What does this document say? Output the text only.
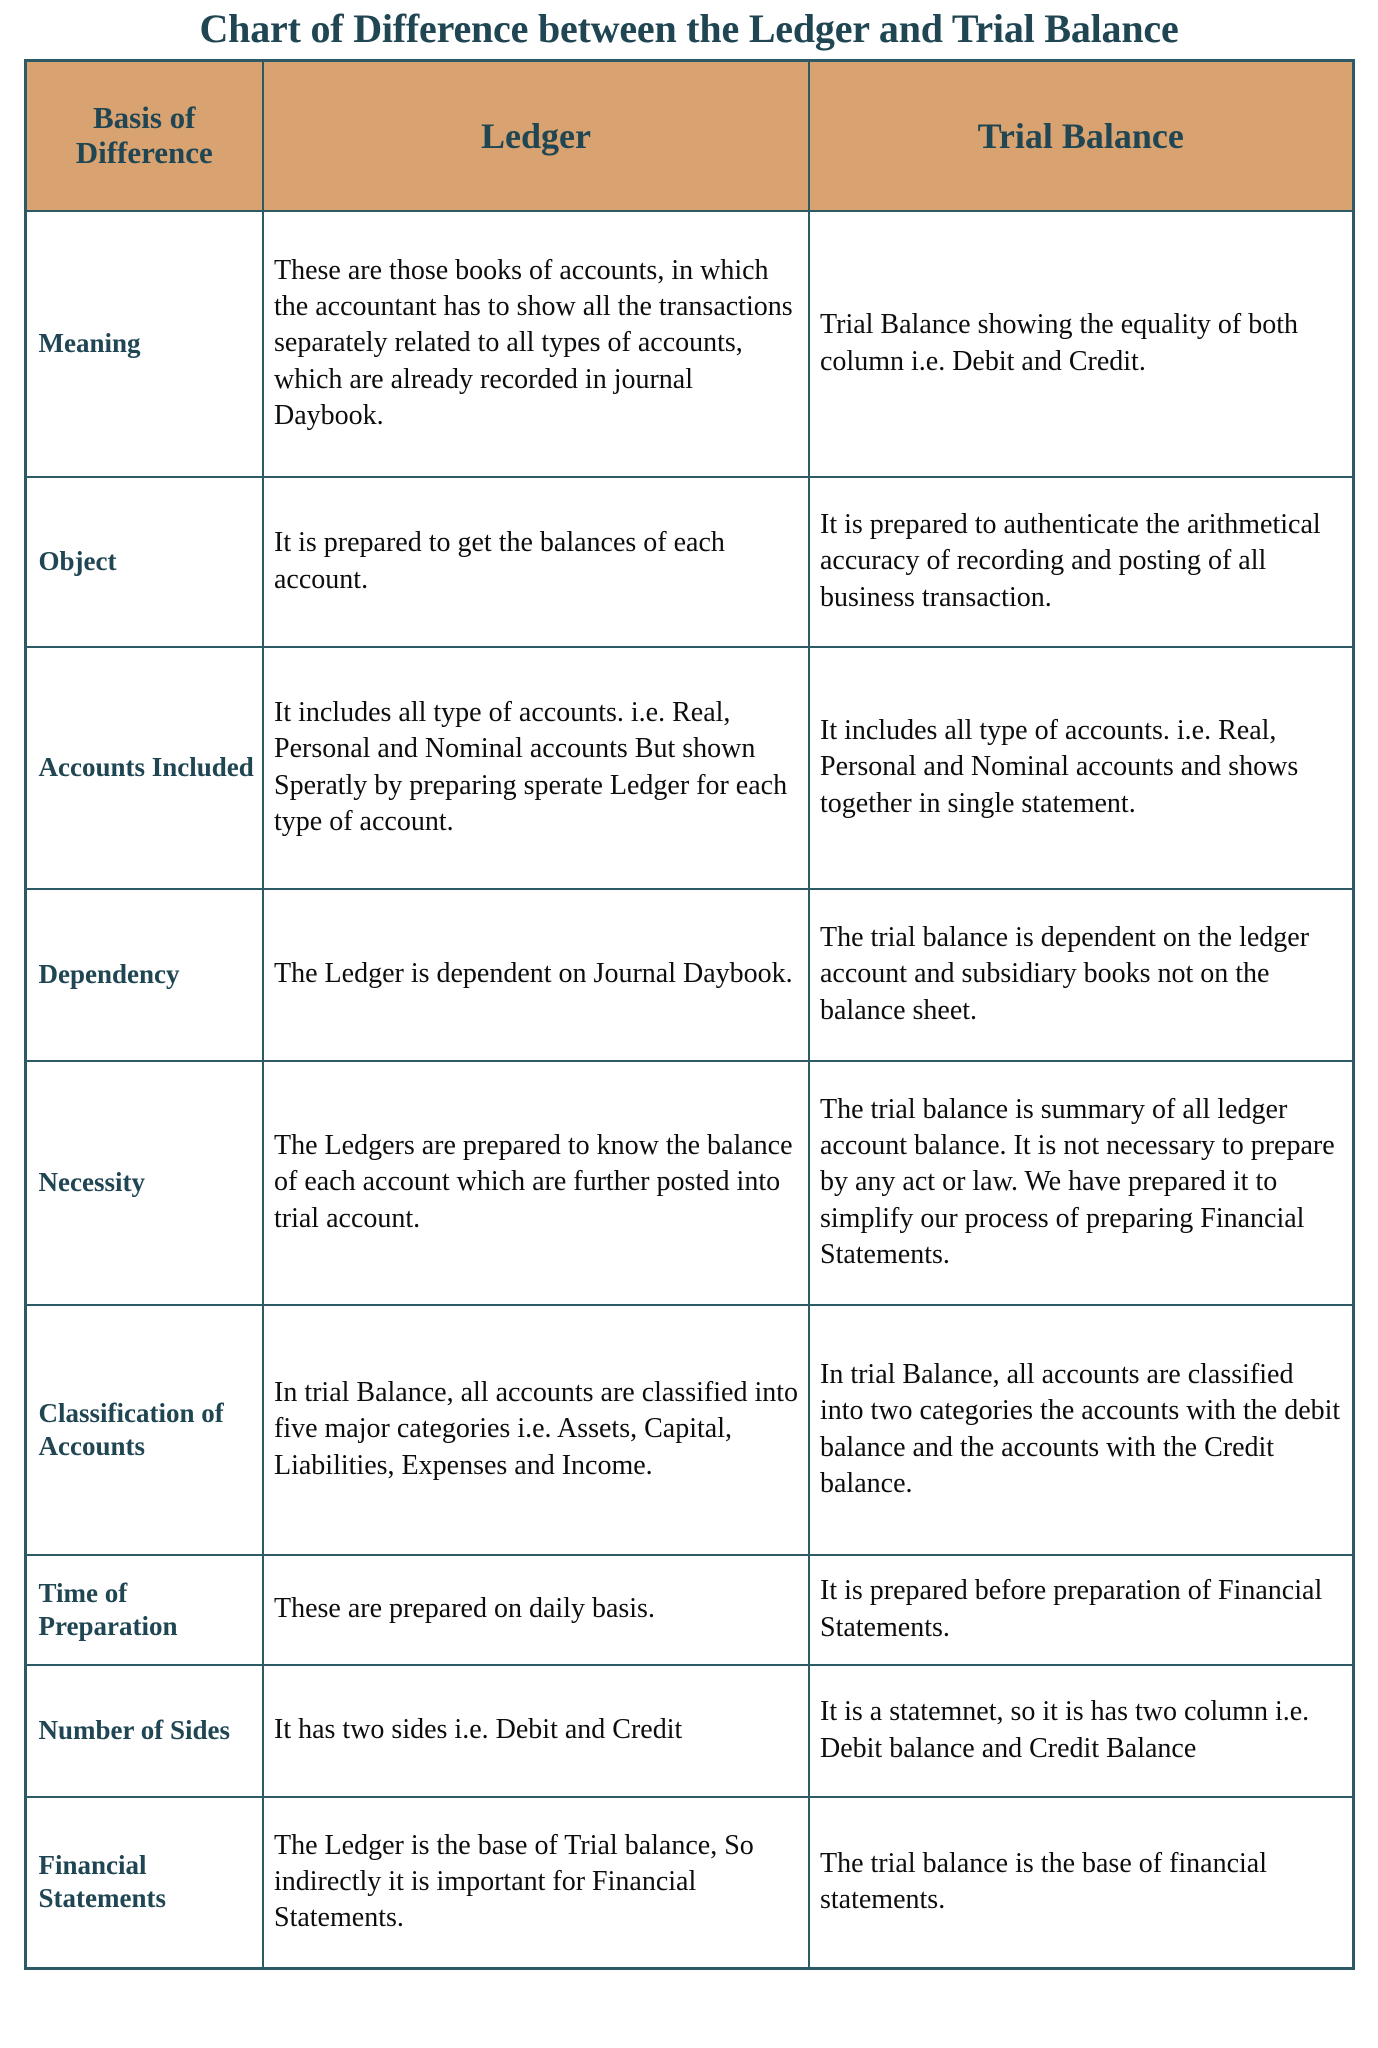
Chart of Difference between the Ledger and Trial Balance
Basis of Difference	Ledger	Trial Balance
Meaning	These are those books of accounts, in which the accountant has to show all the transactions separately related to all types of accounts, which are already recorded in journal Daybook.	Trial Balance showing the equality of both column i.e. Debit and Credit.
Object	It is prepared to get the balances of each account.	It is prepared to authenticate the arithmetical accuracy of recording and posting of all business transaction.
Accounts Included	It includes all type of accounts. i.e. Real, Personal and Nominal accounts But shown Speratly by preparing sperate Ledger for each type of account.	It includes all type of accounts. i.e. Real, Personal and Nominal accounts and shows together in single statement.
Dependency	The Ledger is dependent on Journal Daybook.	The trial balance is dependent on the ledger account and subsidiary books not on the balance sheet.
Necessity	The Ledgers are prepared to know the balance of each account which are further posted into trial account.	The trial balance is summary of all ledger account balance. It is not necessary to prepare by any act or law. We have prepared it to simplify our process of preparing Financial Statements.
Classification of Accounts	In trial Balance, all accounts are classified into five major categories i.e. Assets, Capital, Liabilities, Expenses and Income.	In trial Balance, all accounts are classified into two categories the accounts with the debit balance and the accounts with the Credit balance.
Time of Preparation	These are prepared on daily basis.	It is prepared before preparation of Financial Statements.
Number of Sides	It has two sides i.e. Debit and Credit	It is a statemnet, so it is has two column i.e. Debit balance and Credit Balance
Financial Statements	The Ledger is the base of Trial balance, So indirectly it is important for Financial Statements.	The trial balance is the base of financial statements.
